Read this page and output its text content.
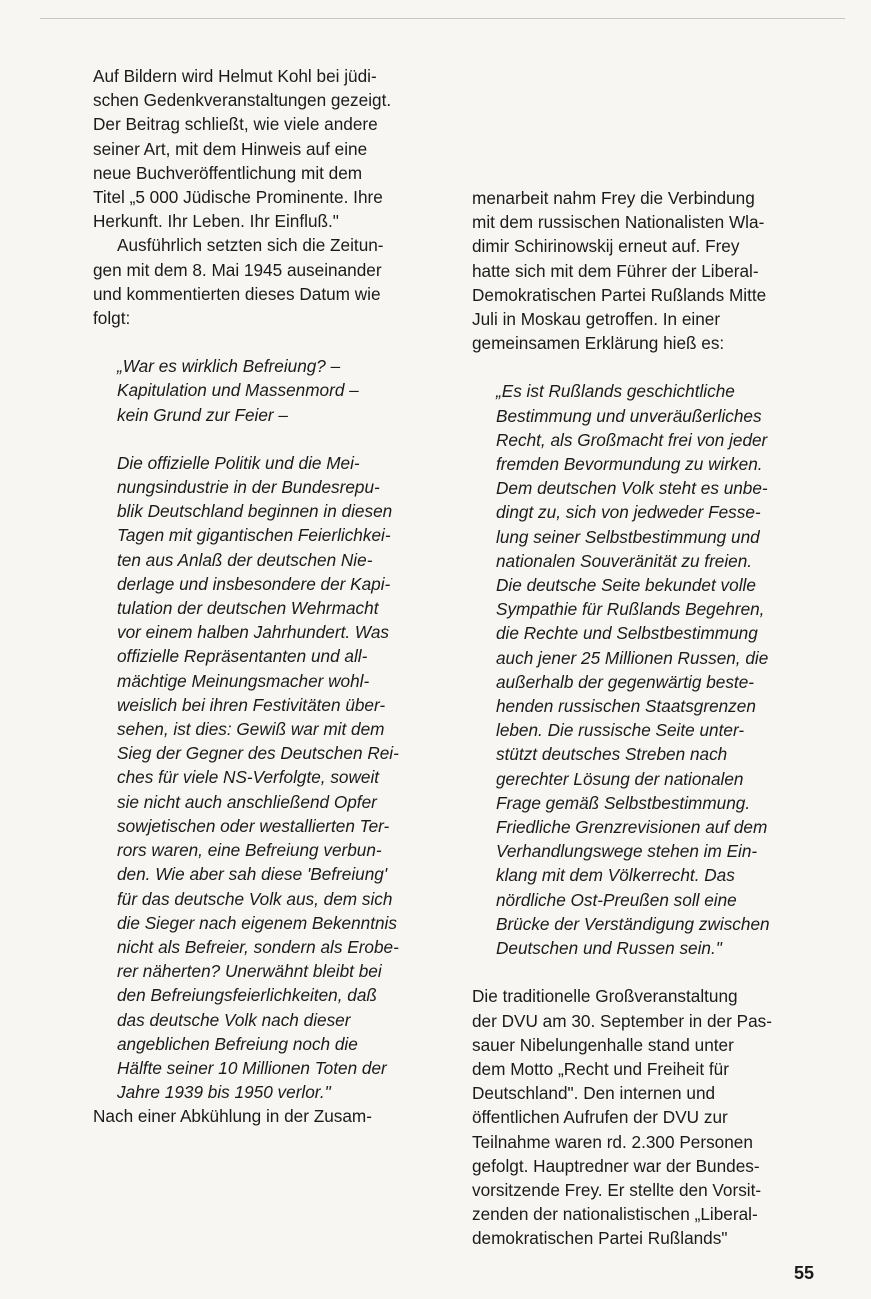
Auf Bildern wird Helmut Kohl bei jüdi-
schen Gedenkveranstaltungen gezeigt.
Der Beitrag schließt, wie viele andere
seiner Art, mit dem Hinweis auf eine
neue Buchveröffentlichung mit dem
Titel „5 000 Jüdische Prominente. Ihre
Herkunft. Ihr Leben. Ihr Einfluß."
Ausführlich setzten sich die Zeitun-
gen mit dem 8. Mai 1945 auseinander
und kommentierten dieses Datum wie
folgt:
„War es wirklich Befreiung? –
Kapitulation und Massenmord –
kein Grund zur Feier –
Die offizielle Politik und die Mei-
nungsindustrie in der Bundesrepu-
blik Deutschland beginnen in diesen
Tagen mit gigantischen Feierlichkei-
ten aus Anlaß der deutschen Nie-
derlage und insbesondere der Kapi-
tulation der deutschen Wehrmacht
vor einem halben Jahrhundert. Was
offizielle Repräsentanten und all-
mächtige Meinungsmacher wohl-
weislich bei ihren Festivitäten über-
sehen, ist dies: Gewiß war mit dem
Sieg der Gegner des Deutschen Rei-
ches für viele NS-Verfolgte, soweit
sie nicht auch anschließend Opfer
sowjetischen oder westallierten Ter-
rors waren, eine Befreiung verbun-
den. Wie aber sah diese 'Befreiung'
für das deutsche Volk aus, dem sich
die Sieger nach eigenem Bekenntnis
nicht als Befreier, sondern als Erobe-
rer näherten? Unerwähnt bleibt bei
den Befreiungsfeierlichkeiten, daß
das deutsche Volk nach dieser
angeblichen Befreiung noch die
Hälfte seiner 10 Millionen Toten der
Jahre 1939 bis 1950 verlor."
Nach einer Abkühlung in der Zusam-
menarbeit nahm Frey die Verbindung
mit dem russischen Nationalisten Wla-
dimir Schirinowskij erneut auf. Frey
hatte sich mit dem Führer der Liberal-
Demokratischen Partei Rußlands Mitte
Juli in Moskau getroffen. In einer
gemeinsamen Erklärung hieß es:
„Es ist Rußlands geschichtliche
Bestimmung und unveräußerliches
Recht, als Großmacht frei von jeder
fremden Bevormundung zu wirken.
Dem deutschen Volk steht es unbe-
dingt zu, sich von jedweder Fesse-
lung seiner Selbstbestimmung und
nationalen Souveränität zu freien.
Die deutsche Seite bekundet volle
Sympathie für Rußlands Begehren,
die Rechte und Selbstbestimmung
auch jener 25 Millionen Russen, die
außerhalb der gegenwärtig beste-
henden russischen Staatsgrenzen
leben. Die russische Seite unter-
stützt deutsches Streben nach
gerechter Lösung der nationalen
Frage gemäß Selbstbestimmung.
Friedliche Grenzrevisionen auf dem
Verhandlungswege stehen im Ein-
klang mit dem Völkerrecht. Das
nördliche Ost-Preußen soll eine
Brücke der Verständigung zwischen
Deutschen und Russen sein."
Die traditionelle Großveranstaltung
der DVU am 30. September in der Pas-
sauer Nibelungenhalle stand unter
dem Motto „Recht und Freiheit für
Deutschland". Den internen und
öffentlichen Aufrufen der DVU zur
Teilnahme waren rd. 2.300 Personen
gefolgt. Hauptredner war der Bundes-
vorsitzende Frey. Er stellte den Vorsit-
zenden der nationalistischen „Liberal-
demokratischen Partei Rußlands"
55
